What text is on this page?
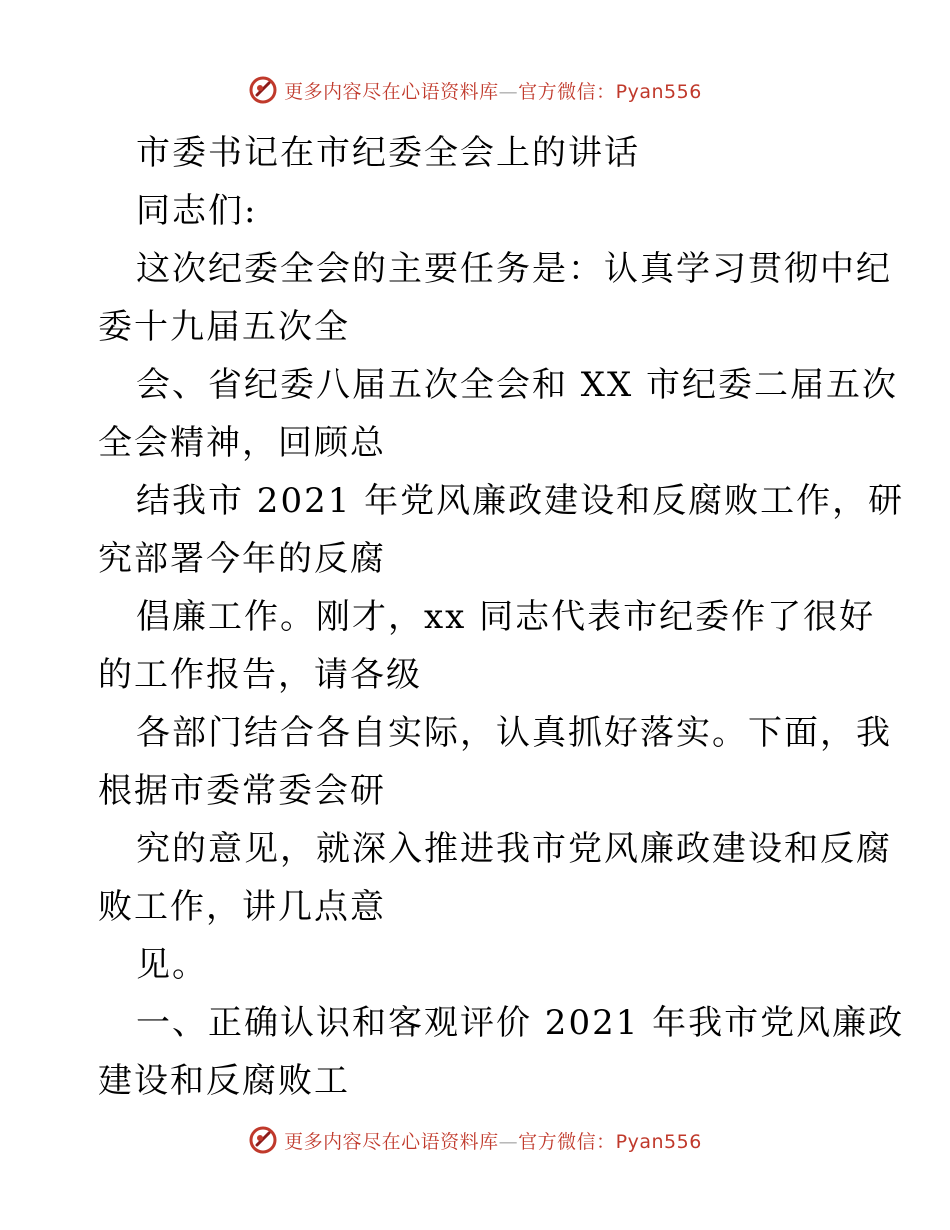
更多内容尽在心语资料库—官方微信：Pyan556
市委书记在市纪委全会上的讲话
同志们:
这次纪委全会的主要任务是：认真学习贯彻中纪
委十九届五次全
会、省纪委八届五次全会和 XX 市纪委二届五次
全会精神，回顾总
结我市 2021 年党风廉政建设和反腐败工作，研
究部署今年的反腐
倡廉工作。刚才，xx 同志代表市纪委作了很好
的工作报告，请各级
各部门结合各自实际，认真抓好落实。下面，我
根据市委常委会研
究的意见，就深入推进我市党风廉政建设和反腐
败工作，讲几点意
见。
一、正确认识和客观评价 2021 年我市党风廉政
建设和反腐败工
更多内容尽在心语资料库—官方微信：Pyan556
